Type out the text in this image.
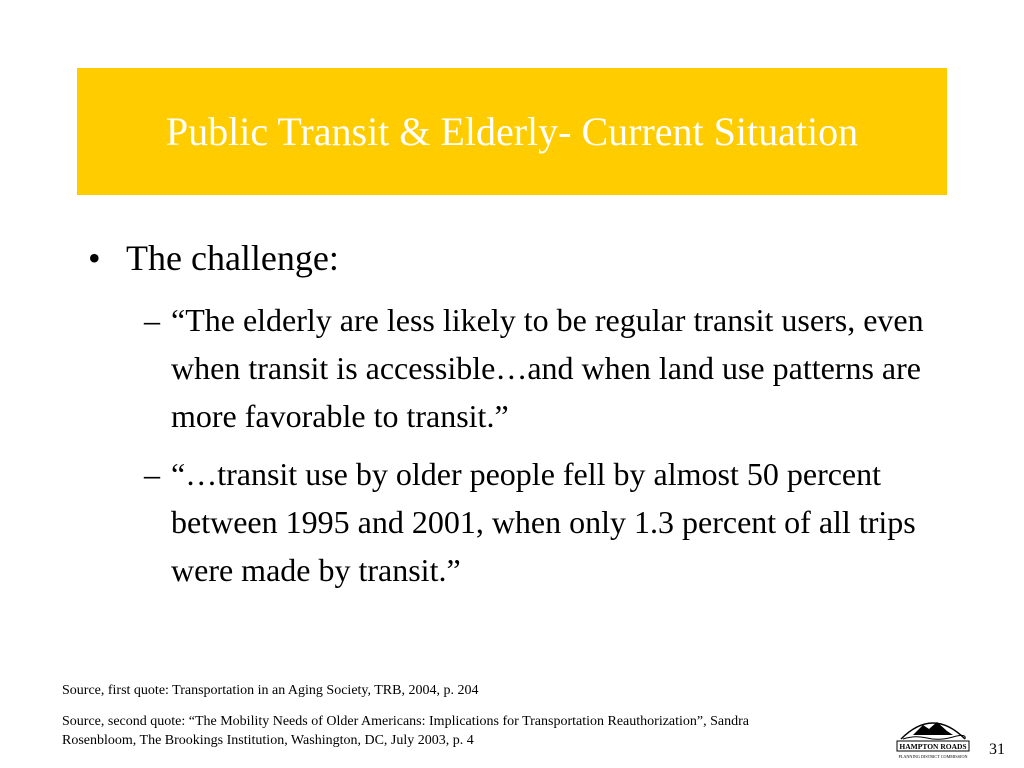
Public Transit & Elderly- Current Situation
• The challenge:
– “The elderly are less likely to be regular transit users, even when transit is accessible…and when land use patterns are more favorable to transit.”
– “…transit use by older people fell by almost 50 percent between 1995 and 2001, when only 1.3 percent of all trips were made by transit.”
Source, first quote: Transportation in an Aging Society, TRB, 2004, p. 204
Source, second quote: “The Mobility Needs of Older Americans: Implications for Transportation Reauthorization”, Sandra Rosenbloom, The Brookings Institution, Washington, DC, July 2003, p. 4	HAMPTON ROADS
PLANNING DISTRICT COMMISSION 31
